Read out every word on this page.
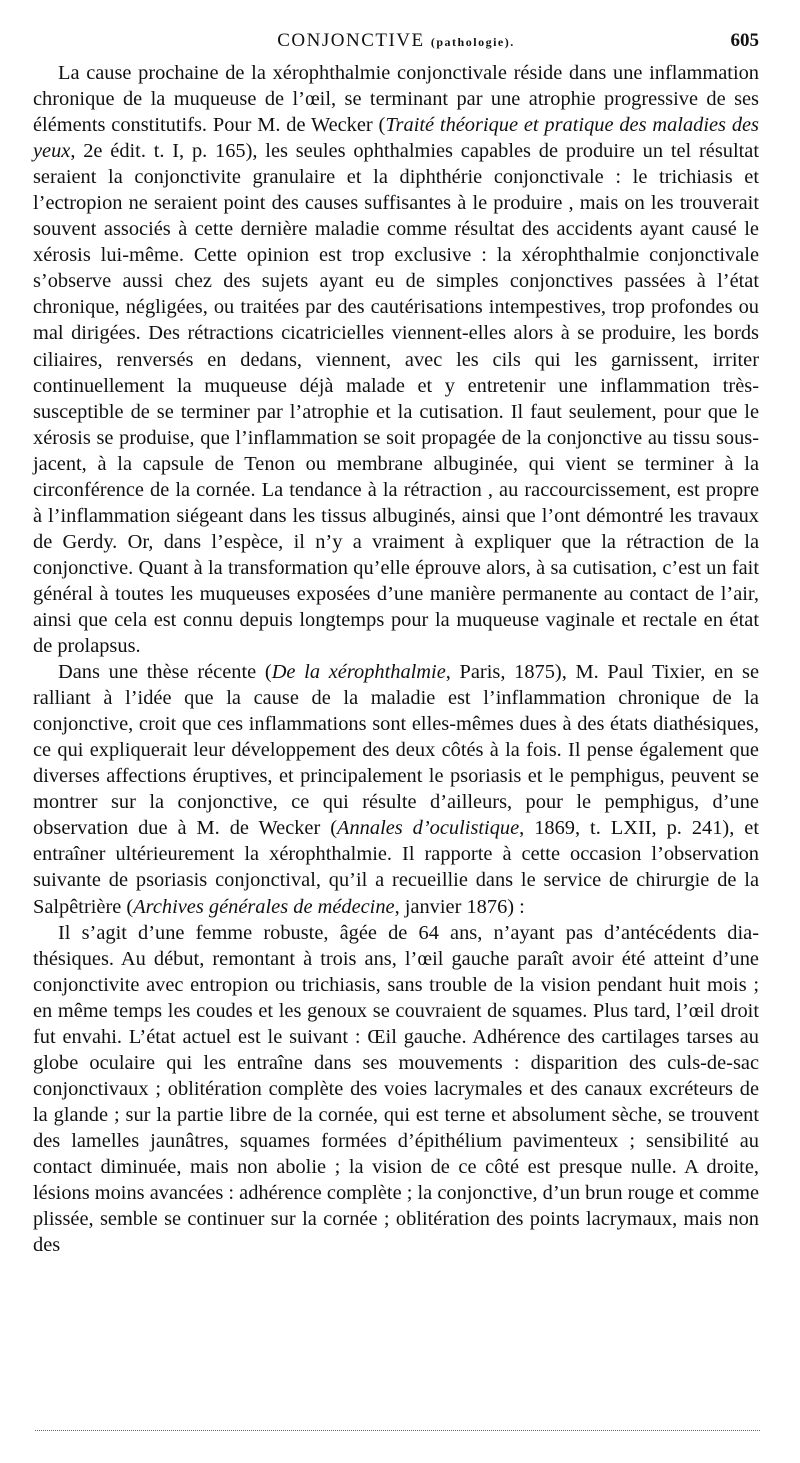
CONJONCTIVE (pathologie).	605

La cause prochaine de la xérophthalmie conjonctivale réside dans une inflammation chronique de la muqueuse de l’œil, se terminant par une atrophie progressive de ses éléments constitutifs. Pour M. de Wecker (Traité théorique et pratique des maladies des yeux, 2e édit. t. I, p. 165), les seules ophthalmies capables de produire un tel résultat seraient la conjonctivite granulaire et la diphthérie conjonctivale : le trichiasis et l’ectropion ne seraient point des causes suffisantes à le produire , mais on les trouverait souvent associés à cette dernière maladie comme résultat des accidents ayant causé le xérosis lui-même. Cette opinion est trop exclusive : la xérophthalmie conjonctivale s’observe aussi chez des sujets ayant eu de simples conjonctives passées à l’état chronique, négligées, ou traitées par des cautérisations intempestives, trop profondes ou mal dirigées. Des rétractions cicatricielles viennent-elles alors à se produire, les bords ciliaires, renversés en dedans, viennent, avec les cils qui les garnissent, irriter continuellement la muqueuse déjà malade et y entretenir une inflammation très-susceptible de se terminer par l’atrophie et la cutisation. Il faut seulement, pour que le xérosis se produise, que l’inflammation se soit propagée de la conjonctive au tissu sous-jacent, à la capsule de Tenon ou membrane albuginée, qui vient se terminer à la circonférence de la cornée. La tendance à la rétraction , au raccourcissement, est propre à l’inflammation siégeant dans les tissus albuginés, ainsi que l’ont démontré les travaux de Gerdy. Or, dans l’espèce, il n’y a vraiment à expliquer que la rétraction de la conjonctive. Quant à la transformation qu’elle éprouve alors, à sa cutisation, c’est un fait général à toutes les muqueuses exposées d’une manière permanente au contact de l’air, ainsi que cela est connu depuis longtemps pour la muqueuse vaginale et rectale en état de prolapsus.

Dans une thèse récente (De la xérophthalmie, Paris, 1875), M. Paul Tixier, en se ralliant à l’idée que la cause de la maladie est l’inflammation chronique de la conjonctive, croit que ces inflammations sont elles-mêmes dues à des états diathésiques, ce qui expliquerait leur développement des deux côtés à la fois. Il pense également que diverses affections éruptives, et principalement le psoriasis et le pemphigus, peuvent se montrer sur la conjonctive, ce qui résulte d’ailleurs, pour le pemphigus, d’une observation due à M. de Wecker (Annales d’oculistique, 1869, t. LXII, p. 241), et entraîner ultérieurement la xérophthalmie. Il rapporte à cette occasion l’observation suivante de psoriasis conjonctival, qu’il a recueillie dans le service de chirurgie de la Salpêtrière (Archives générales de médecine, janvier 1876) :

Il s’agit d’une femme robuste, âgée de 64 ans, n’ayant pas d’antécédents diathésiques. Au début, remontant à trois ans, l’œil gauche paraît avoir été atteint d’une conjonctivite avec entropion ou trichiasis, sans trouble de la vision pendant huit mois ; en même temps les coudes et les genoux se couvraient de squames. Plus tard, l’œil droit fut envahi. L’état actuel est le suivant : Œil gauche. Adhérence des cartilages tarses au globe oculaire qui les entraîne dans ses mouvements : disparition des culs-de-sac conjonctivaux ; oblitération complète des voies lacrymales et des canaux excréteurs de la glande ; sur la partie libre de la cornée, qui est terne et absolument sèche, se trouvent des lamelles jaunâtres, squames formées d’épithélium pavimenteux ; sensibilité au contact diminuée, mais non abolie ; la vision de ce côté est presque nulle. A droite, lésions moins avancées : adhérence complète ; la conjonctive, d’un brun rouge et comme plissée, semble se continuer sur la cornée ; oblitération des points lacrymaux, mais non des
